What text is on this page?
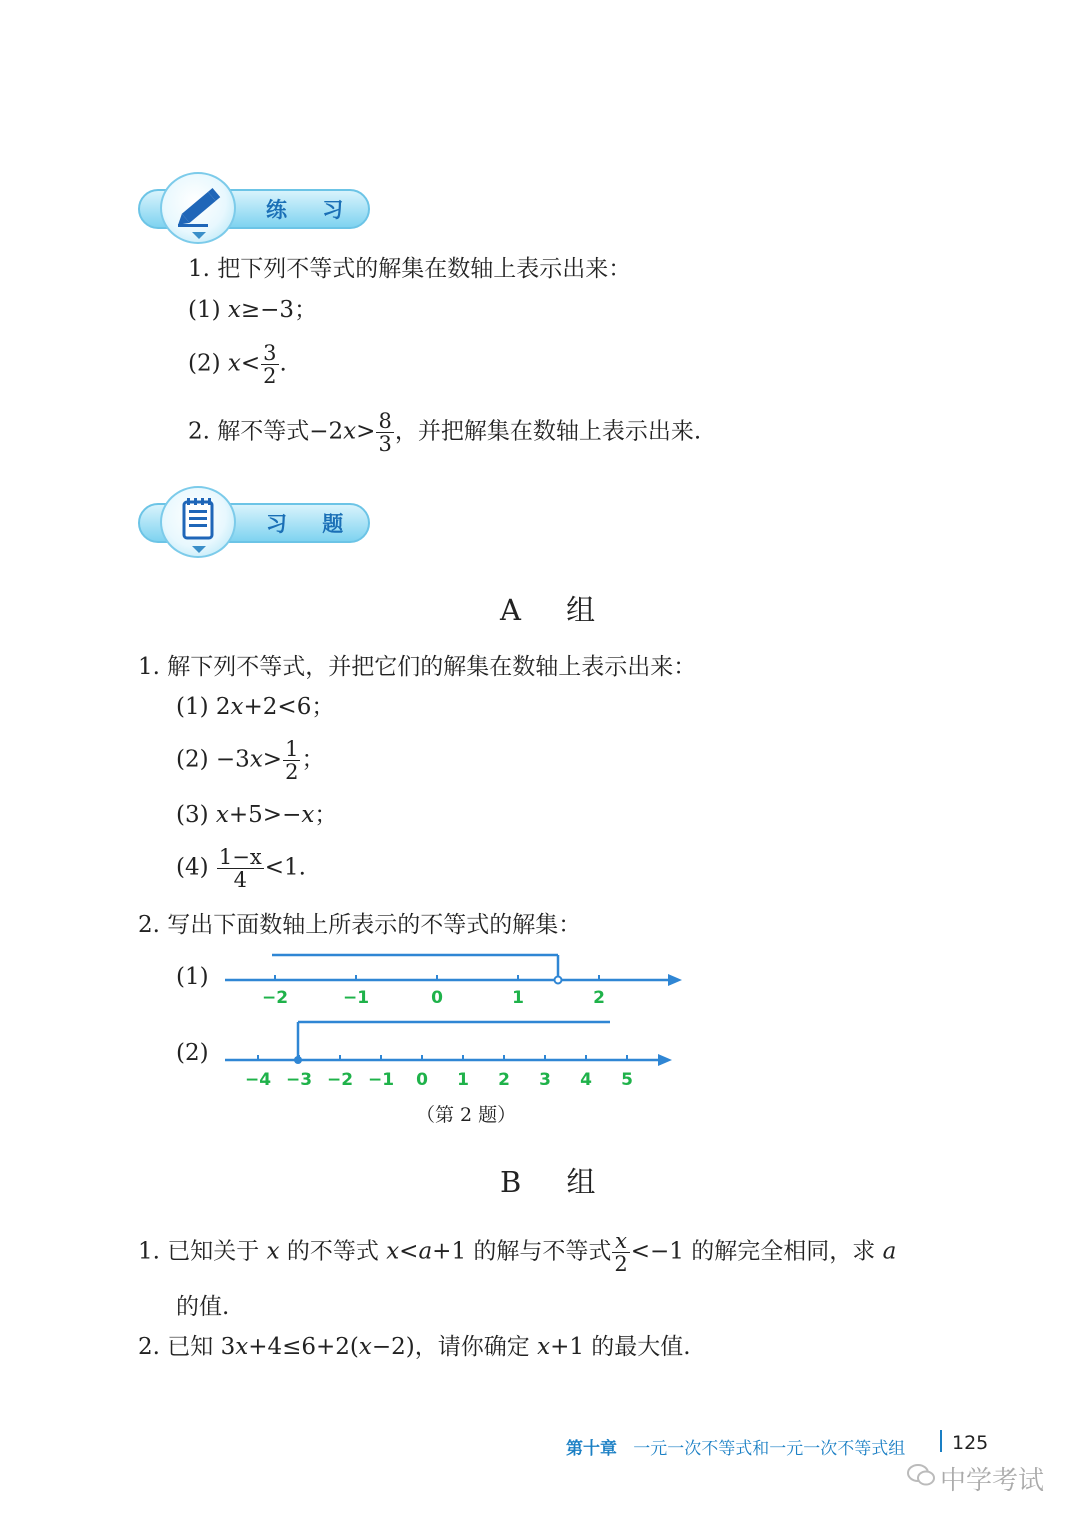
练 习
1. 把下列不等式的解集在数轴上表示出来：
(1) x≥−3；
(2) $x< \frac{3}{2}$ .
2. 解不等式$-2x> \frac{8}{3}$ ，并把解集在数轴上表示出来.
习 题
A 组
1. 解下列不等式，并把它们的解集在数轴上表示出来：
(1) 2x+2<6；
$(2) -3x> \frac{1}{2}$ ；
(3) x+5>−x；
$(4) \frac{1-x}{4} <1$.
2. 写出下面数轴上所表示的不等式的解集：
(1)
−2	−1	0	1	2
(2)
−4 −3 −2 −1 0 1 2 3 4 5
（第 2 题）
B 组
1. 已知关于 x 的不等式 x<a+1 的解与不等式 $\frac{x}{2} <-1$ 的解完全相同，求 a
的值.
2. 已知 3x+4≤6+2(x−2)，请你确定 x+1 的最大值.
第十章 一元一次不等式和一元一次不等式组 125
中学考试
